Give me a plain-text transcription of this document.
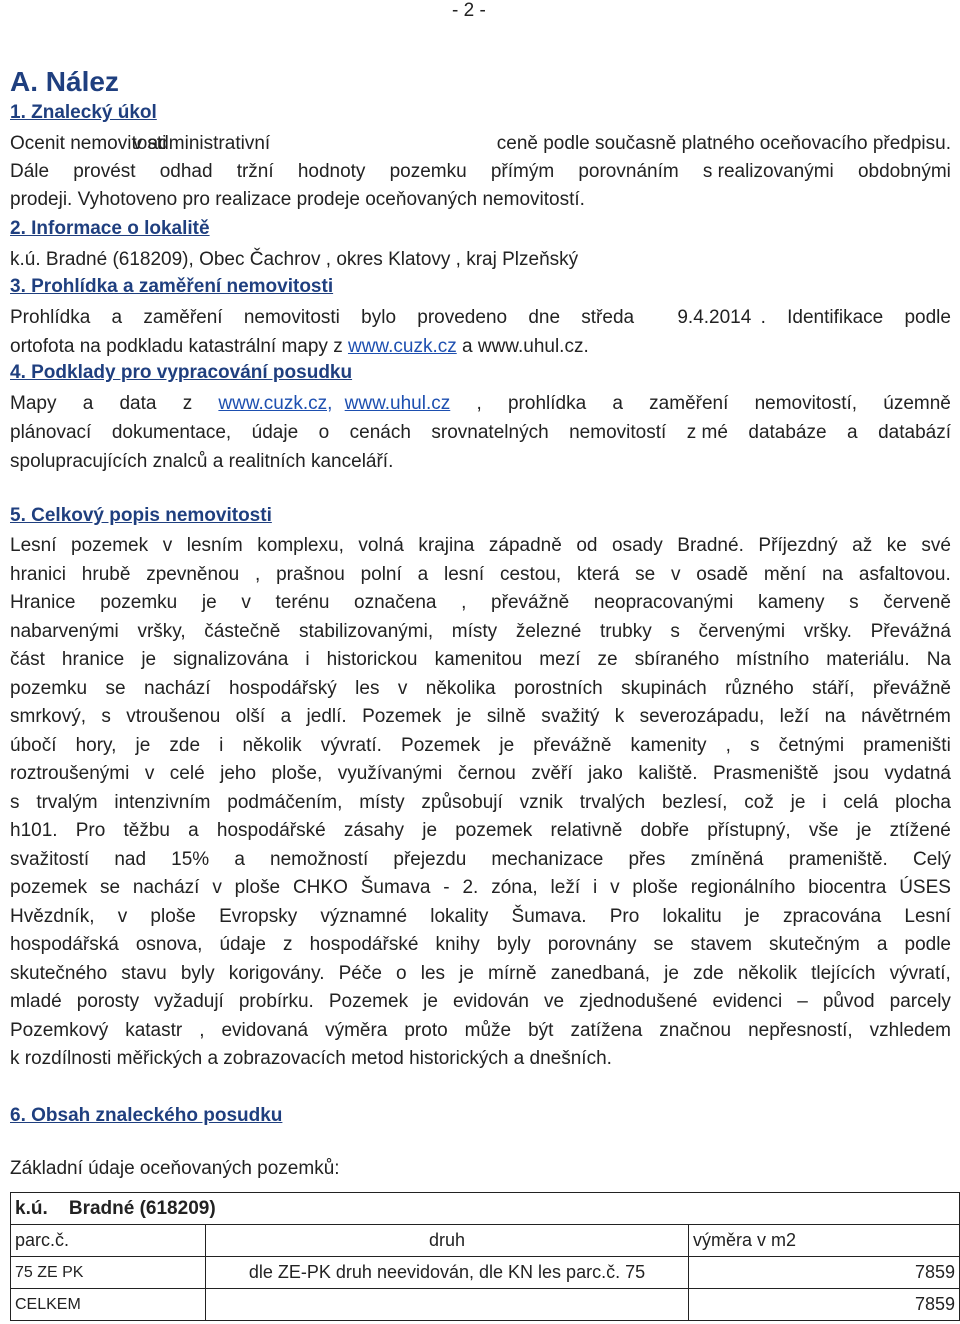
- 2 -
A. Nález
1. Znalecký úkol
Ocenit nemovitosti
v administrativní	ceně podle současně platného oceňovacího předpisu.
Dále provést odhad tržní hodnoty pozemku přímým porovnáním s realizovanými obdobnými
prodeji. Vyhotoveno pro realizace prodeje oceňovaných nemovitostí.
2. Informace o lokalitě
k.ú. Bradné (618209), Obec Čachrov , okres Klatovy , kraj Plzeňský
3. Prohlídka a zaměření nemovitosti
Prohlídka a zaměření nemovitosti bylo provedeno dne středa 9.4.2014 . Identifikace podle
ortofota na podkladu katastrální mapy z www.cuzk.cz a www.uhul.cz.
4. Podklady pro vypracování posudku
Mapy a data z www.cuzk.cz, www.uhul.cz , prohlídka a zaměření nemovitostí, územně
plánovací dokumentace, údaje o cenách srovnatelných nemovitostí z mé databáze a databází
spolupracujících znalců a realitních kanceláří.
5. Celkový popis nemovitosti
Lesní pozemek v lesním komplexu, volná krajina západně od osady Bradné. Příjezdný až ke své
hranici hrubě zpevněnou , prašnou polní a lesní cestou, která se v osadě mění na asfaltovou.
Hranice pozemku je v terénu označena , převážně neopracovanými kameny s červeně
nabarvenými vršky, částečně stabilizovanými, místy železné trubky s červenými vršky. Převážná
část hranice je signalizována i historickou kamenitou mezí ze sbíraného místního materiálu. Na
pozemku se nachází hospodářský les v několika porostních skupinách různého stáří, převážně
smrkový, s vtroušenou olší a jedlí. Pozemek je silně svažitý k severozápadu, leží na návětrném
úbočí hory, je zde i několik vývratí. Pozemek je převážně kamenity , s četnými prameništi
roztroušenými v celé jeho ploše, využívanými černou zvěří jako kaliště. Prasmeniště jsou vydatná
s trvalým intenzivním podmáčením, místy způsobují vznik trvalých bezlesí, což je i celá plocha
h101. Pro těžbu a hospodářské zásahy je pozemek relativně dobře přístupný, vše je ztížené
svažitostí nad 15% a nemožností přejezdu mechanizace přes zmíněná prameniště. Celý
pozemek se nachází v ploše CHKO Šumava - 2. zóna, leží i v ploše regionálního biocentra ÚSES
Hvězdník, v ploše Evropsky významné lokality Šumava. Pro lokalitu je zpracována Lesní
hospodářská osnova, údaje z hospodářské knihy byly porovnány se stavem skutečným a podle
skutečného stavu byly korigovány. Péče o les je mírně zanedbaná, je zde několik tlejících vývratí,
mladé porosty vyžadují probírku. Pozemek je evidován ve zjednodušené evidenci – původ parcely
Pozemkový katastr , evidovaná výměra proto může být zatížena značnou nepřesností, vzhledem
k rozdílnosti měřických a zobrazovacích metod historických a dnešních.
6. Obsah znaleckého posudku
Základní údaje oceňovaných pozemků:
k.ú. Bradné (618209)		
parc.č.	druh	výměra v m2
75 ZE PK	dle ZE-PK druh neevidován, dle KN les parc.č. 75	7859
CELKEM		7859
